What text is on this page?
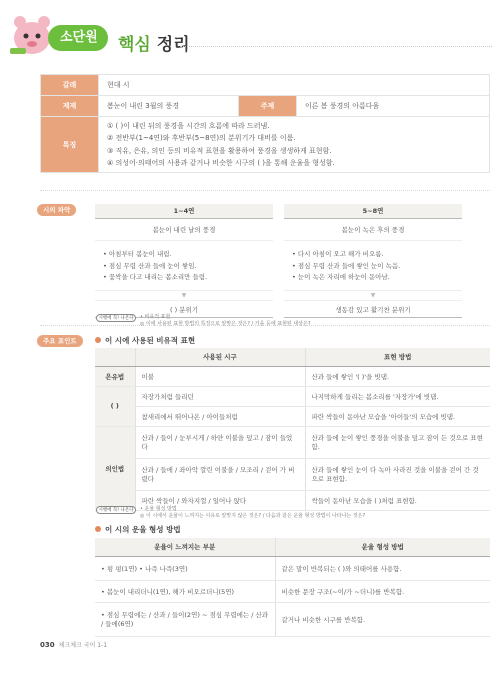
소단원	핵심 정리
갈래	현대 시		
제재	봄눈이 내린 3월의 풍경	주제	이른 봄 풍경의 아름다움
특징	① ( )이 내린 뒤의 풍경을 시간의 흐름에 따라 드러냄.
② 전반부(1~4연)와 후반부(5~8연)의 분위기가 대비를 이룸.
③ 직유, 은유, 의인 등의 비유적 표현을 활용하여 풍경을 생생하게 표현함.
④ 의성어·의태어의 사용과 같거나 비슷한 시구의 ( )을 통해 운율을 형성함.		
시의 파악	1~4연
봄눈이 내린 날의 풍경
• 아침부터 봄눈이 내림.
• 점심 무렵 산과 들에 눈이 쌓임.
• 꽃싹을 다고 내리는 봄소리만 들림.
▼
( ) 분위기
5~8연
봄눈이 녹은 후의 풍경
• 다시 아침이 오고 해가 비오름.
• 점심 무렵 산과 들에 쌓인 눈이 녹음.
• 눈이 녹은 자리에 하눈이 돋아남.
▼
생동감 있고 활기찬 분위기
주요 포인트
시행에 꼭! 나온다	• 비유적 표현
◎ 이에 사용된 표현 방법의 특징으로 알맞은 것은? / 가을 등에 표현된 대상은?
이 시에 사용된 비유적 표현
	사용된 시구	표현 방법
은유법	이불	산과 들에 쌓인 '( )'을 빗댐.
( )	자장가처럼 들리던	나지막하게 들리는 봄소리를 '자장가'에 빗댐.
	참새리에서 뛰어나온 / 아이들처럼	파란 싹들이 돋아난 모습을 '아이들'의 모습에 빗댐.
의인법	산과 / 들이 / 눈부시게 / 하얀 이불을 덮고 / 잠이 들었다	산과 들에 눈이 쌓인 풍경을 이불을 덮고 잠이 든 것으로 표현함.
	산과 / 들에 / 좌아악 깔린 이불을 / 모조리 / 걷어 가 버렸다	산과 들에 쌓인 눈이 다 녹아 사라진 것을 이불을 걷어 간 것으로 표현함.
	파란 싹들이 / 와자지껄 / 일어나 앉다	싹들이 돋아난 모습을 ( )처럼 표현함.
시행에 꼭! 나온다	• 운율 형성 방법
◎ 이 시에서 운율이 느껴지는 이유로 알맞지 않은 것은? / 다음과 같은 운율 형성 방법이 나타나는 것은?
이 시의 운율 형성 방법
운율이 느껴지는 부분	운율 형성 방법
• 펑 펑(1연) • 나즉 나즉(3연)	같은 말이 반복되는 ( )와 의태어를 사용함.
• 봄눈이 내리더니(1연), 해가 비오르더니(5연)	비슷한 문장 구조(~이/가 ~더니)를 반복함.
• 점심 무렵에는 / 산과 / 들이(2연) ~ 점심 무렵에는 / 산과 / 들에(6연)	같거나 비슷한 시구를 반복함.
030 체크체크 국어 1-1
